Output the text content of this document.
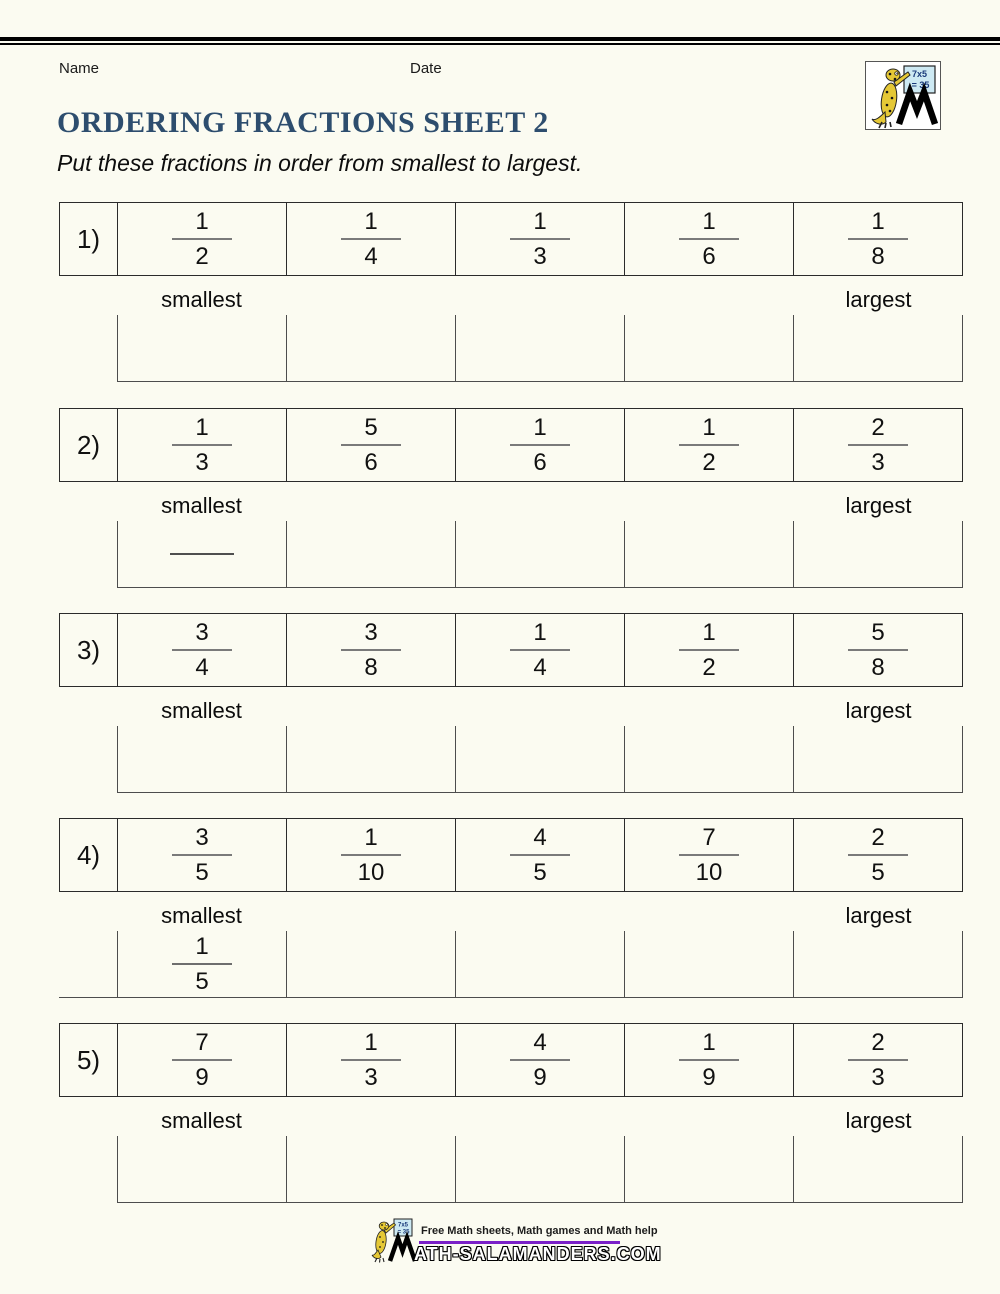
Name	Date	7x5
= 35
ORDERING FRACTIONS SHEET 2
Put these fractions in order from smallest to largest.
$1) \frac{1}{2} \frac{1}{4} \frac{1}{3} \frac{1}{6} \frac{1}{8}$
smallest	largest
$2) \frac{1}{3} \frac{5}{6} \frac{1}{6} \frac{1}{2} \frac{2}{3}$
smallest	largest
$3) \frac{3}{4} \frac{3}{8} \frac{1}{4} \frac{1}{2} \frac{5}{8}$
smallest	largest
$4) \frac{3}{5} \frac{1}{10} \frac{4}{5} \frac{7}{10} \frac{2}{5}$
smallest	largest
$\frac{1}{5}$
$5) \frac{7}{9} \frac{1}{3} \frac{4}{9} \frac{1}{9} \frac{2}{3}$
smallest	largest
7x5
= 35 Free Math sheets, Math games and Math help
ATH-SALAMANDERS.COM
